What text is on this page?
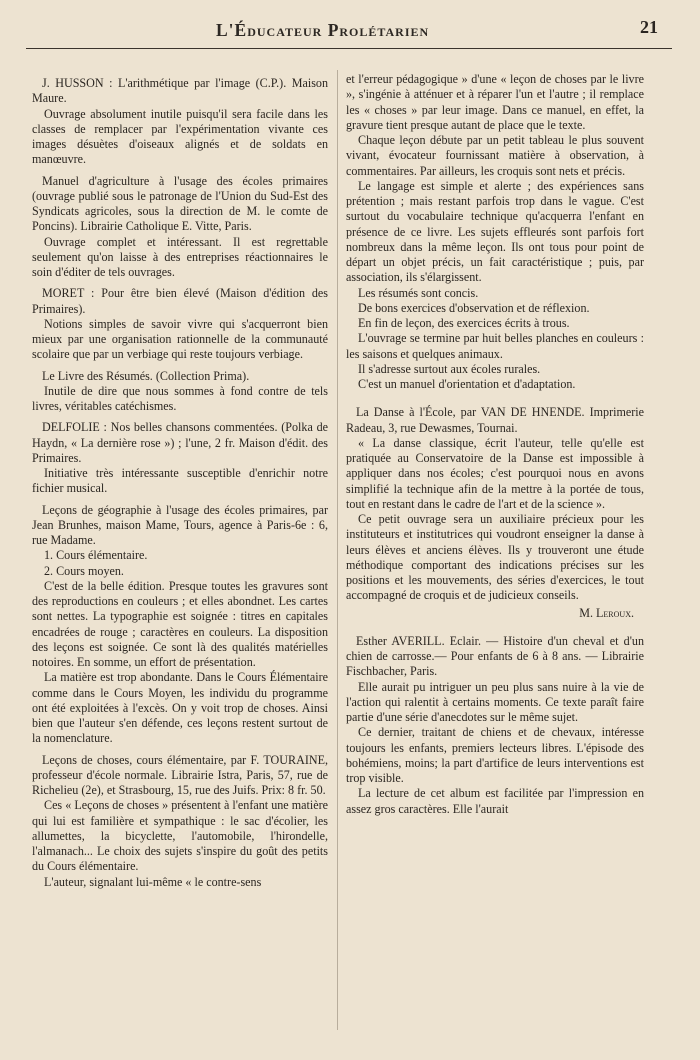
L'Éducateur Prolétarien	21

J. HUSSON : L'arithmétique par l'image (C.P.). Maison Maure.

Ouvrage absolument inutile puisqu'il sera facile dans les classes de remplacer par l'expérimentation vivante ces images désuètes d'oiseaux alignés et de soldats en manœuvre.

Manuel d'agriculture à l'usage des écoles primaires (ouvrage publié sous le patronage de l'Union du Sud-Est des Syndicats agricoles, sous la direction de M. le comte de Poncins). Librairie Catholique E. Vitte, Paris.

Ouvrage complet et intéressant. Il est regrettable seulement qu'on laisse à des entreprises réactionnaires le soin d'éditer de tels ouvrages.

MORET : Pour être bien élevé (Maison d'édition des Primaires).

Notions simples de savoir vivre qui s'acquerront bien mieux par une organisation rationnelle de la communauté scolaire que par un verbiage qui reste toujours verbiage.

Le Livre des Résumés. (Collection Prima).

Inutile de dire que nous sommes à fond contre de tels livres, véritables catéchismes.

DELFOLIE : Nos belles chansons commentées. (Polka de Haydn, « La dernière rose ») ; l'une, 2 fr. Maison d'édit. des Primaires.

Initiative très intéressante susceptible d'enrichir notre fichier musical.

Leçons de géographie à l'usage des écoles primaires, par Jean Brunhes, maison Mame, Tours, agence à Paris-6e : 6, rue Madame.

1. Cours élémentaire.

2. Cours moyen.

C'est de la belle édition. Presque toutes les gravures sont des reproductions en couleurs ; et elles abondnet. Les cartes sont nettes. La typographie est soignée : titres en capitales encadrées de rouge ; caractères en couleurs. La disposition des leçons est soignée. Ce sont là des qualités matérielles notoires. En somme, un effort de présentation.

La matière est trop abondante. Dans le Cours Élémentaire comme dans le Cours Moyen, les individu du programme ont été exploitées à l'excès. On y voit trop de choses. Ainsi bien que l'auteur s'en défende, ces leçons restent surtout de la nomenclature.

Leçons de choses, cours élémentaire, par F. TOURAINE, professeur d'école normale. Librairie Istra, Paris, 57, rue de Richelieu (2e), et Strasbourg, 15, rue des Juifs. Prix: 8 fr. 50.

Ces « Leçons de choses » présentent à l'enfant une matière qui lui est familière et sympathique : le sac d'écolier, les allumettes, la bicyclette, l'automobile, l'hirondelle, l'almanach... Le choix des sujets s'inspire du goût des petits du Cours élémentaire.

L'auteur, signalant lui-même « le contre-sens

et l'erreur pédagogique » d'une « leçon de choses par le livre », s'ingénie à atténuer et à réparer l'un et l'autre ; il remplace les « choses » par leur image. Dans ce manuel, en effet, la gravure tient presque autant de place que le texte.

Chaque leçon débute par un petit tableau le plus souvent vivant, évocateur fournissant matière à observation, à commentaires. Par ailleurs, les croquis sont nets et précis.

Le langage est simple et alerte ; des expériences sans prétention ; mais restant parfois trop dans le vague. C'est surtout du vocabulaire technique qu'acquerra l'enfant en présence de ce livre. Les sujets effleurés sont parfois fort nombreux dans la même leçon. Ils ont tous pour point de départ un objet précis, un fait caractéristique ; puis, par association, ils s'élargissent.

Les résumés sont concis.

De bons exercices d'observation et de réflexion.

En fin de leçon, des exercices écrits à trous.

L'ouvrage se termine par huit belles planches en couleurs : les saisons et quelques animaux.

Il s'adresse surtout aux écoles rurales.

C'est un manuel d'orientation et d'adaptation.

La Danse à l'École, par VAN DE HNENDE. Imprimerie Radeau, 3, rue Dewasmes, Tournai.

« La danse classique, écrit l'auteur, telle qu'elle est pratiquée au Conservatoire de la Danse est impossible à appliquer dans nos écoles; c'est pourquoi nous en avons simplifié la technique afin de la mettre à la portée de tous, tout en restant dans le cadre de l'art et de la science ».

Ce petit ouvrage sera un auxiliaire précieux pour les instituteurs et institutrices qui voudront enseigner la danse à leurs élèves et anciens élèves. Ils y trouveront une étude méthodique comportant des indications précises sur les positions et les mouvements, des séries d'exercices, le tout accompagné de croquis et de judicieux conseils.

M. Leroux.

Esther AVERILL. Eclair. — Histoire d'un cheval et d'un chien de carrosse.— Pour enfants de 6 à 8 ans. — Librairie Fischbacher, Paris.

Elle aurait pu intriguer un peu plus sans nuire à la vie de l'action qui ralentit à certains moments. Ce texte paraît faire partie d'une série d'anecdotes sur le même sujet.

Ce dernier, traitant de chiens et de chevaux, intéresse toujours les enfants, premiers lecteurs libres. L'épisode des bohémiens, moins; la part d'artifice de leurs interventions est trop visible.

La lecture de cet album est facilitée par l'impression en assez gros caractères. Elle l'aurait
